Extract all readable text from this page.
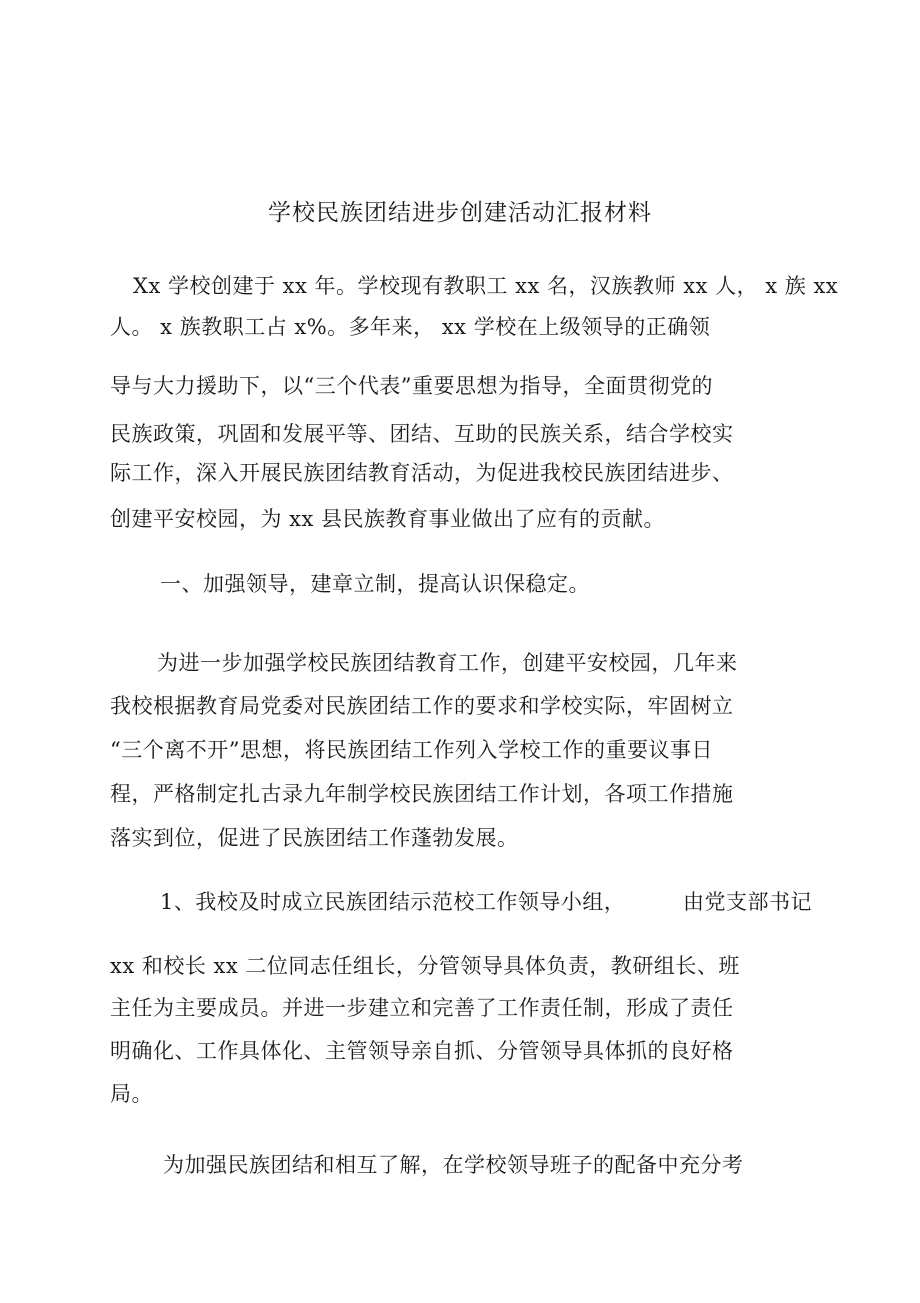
学校民族团结进步创建活动汇报材料
Xx 学校创建于 xx 年。学校现有教职工 xx 名，汉族教师 xx 人， x 族 xx
人。 x 族教职工占 x%。多年来， xx 学校在上级领导的正确领
导与大力援助下，以“三个代表”重要思想为指导，全面贯彻党的
民族政策，巩固和发展平等、团结、互助的民族关系，结合学校实
际工作，深入开展民族团结教育活动，为促进我校民族团结进步、
创建平安校园，为 xx 县民族教育事业做出了应有的贡献。
一、加强领导，建章立制，提高认识保稳定。
为进一步加强学校民族团结教育工作，创建平安校园，几年来
我校根据教育局党委对民族团结工作的要求和学校实际，牢固树立
“三个离不开”思想，将民族团结工作列入学校工作的重要议事日
程，严格制定扎古录九年制学校民族团结工作计划，各项工作措施
落实到位，促进了民族团结工作蓬勃发展。
1、我校及时成立民族团结示范校工作领导小组，	由党支部书记
xx 和校长 xx 二位同志任组长，分管领导具体负责，教研组长、班
主任为主要成员。并进一步建立和完善了工作责任制，形成了责任
明确化、工作具体化、主管领导亲自抓、分管领导具体抓的良好格
局。
为加强民族团结和相互了解，在学校领导班子的配备中充分考
